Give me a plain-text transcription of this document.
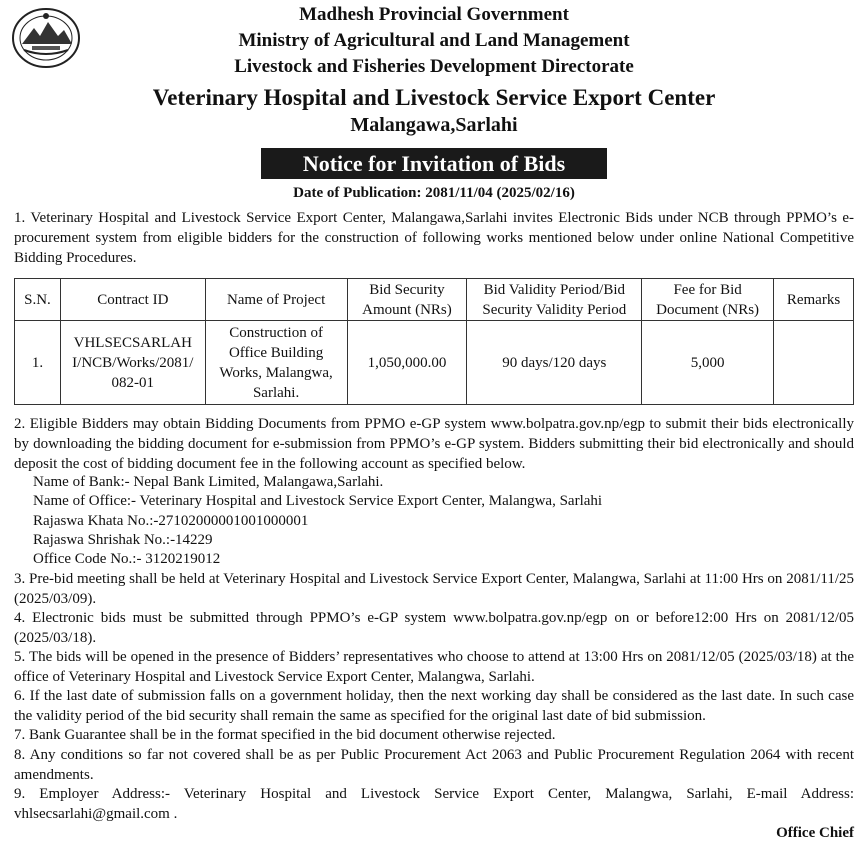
Madhesh Provincial Government
Ministry of Agricultural and Land Management
Livestock and Fisheries Development Directorate
Veterinary Hospital and Livestock Service Export Center
Malangawa,Sarlahi
Notice for Invitation of Bids
Date of Publication: 2081/11/04 (2025/02/16)
1. Veterinary Hospital and Livestock Service Export Center, Malangawa,Sarlahi invites Electronic Bids under NCB through PPMO’s e-procurement system from eligible bidders for the construction of following works mentioned below under online National Competitive Bidding Procedures.
S.N.	Contract ID	Name of Project	Bid Security Amount (NRs)	Bid Validity Period/Bid Security Validity Period	Fee for Bid Document (NRs)	Remarks
1.	VHLSECSARLAHI/NCB/Works/2081/082-01	Construction of Office Building Works, Malangwa, Sarlahi.	1,050,000.00	90 days/120 days	5,000	
2. Eligible Bidders may obtain Bidding Documents from PPMO e-GP system www.bolpatra.gov.np/egp to submit their bids electronically by downloading the bidding document for e-submission from PPMO’s e-GP system. Bidders submitting their bid electronically and should deposit the cost of bidding document fee in the following account as specified below.
Name of Bank:- Nepal Bank Limited, Malangawa,Sarlahi.
Name of Office:- Veterinary Hospital and Livestock Service Export Center, Malangwa, Sarlahi
Rajaswa Khata No.:-27102000001001000001
Rajaswa Shrishak No.:-14229
Office Code No.:- 3120219012
3. Pre-bid meeting shall be held at Veterinary Hospital and Livestock Service Export Center, Malangwa, Sarlahi at 11:00 Hrs on 2081/11/25 (2025/03/09).
4. Electronic bids must be submitted through PPMO’s e-GP system www.bolpatra.gov.np/egp on or before12:00 Hrs on 2081/12/05 (2025/03/18).
5. The bids will be opened in the presence of Bidders’ representatives who choose to attend at 13:00 Hrs on 2081/12/05 (2025/03/18) at the office of Veterinary Hospital and Livestock Service Export Center, Malangwa, Sarlahi.
6. If the last date of submission falls on a government holiday, then the next working day shall be considered as the last date. In such case the validity period of the bid security shall remain the same as specified for the original last date of bid submission.
7. Bank Guarantee shall be in the format specified in the bid document otherwise rejected.
8. Any conditions so far not covered shall be as per Public Procurement Act 2063 and Public Procurement Regulation 2064 with recent amendments.
9. Employer Address:- Veterinary Hospital and Livestock Service Export Center, Malangwa, Sarlahi, E-mail Address: vhlsecsarlahi@gmail.com .
Office Chief
